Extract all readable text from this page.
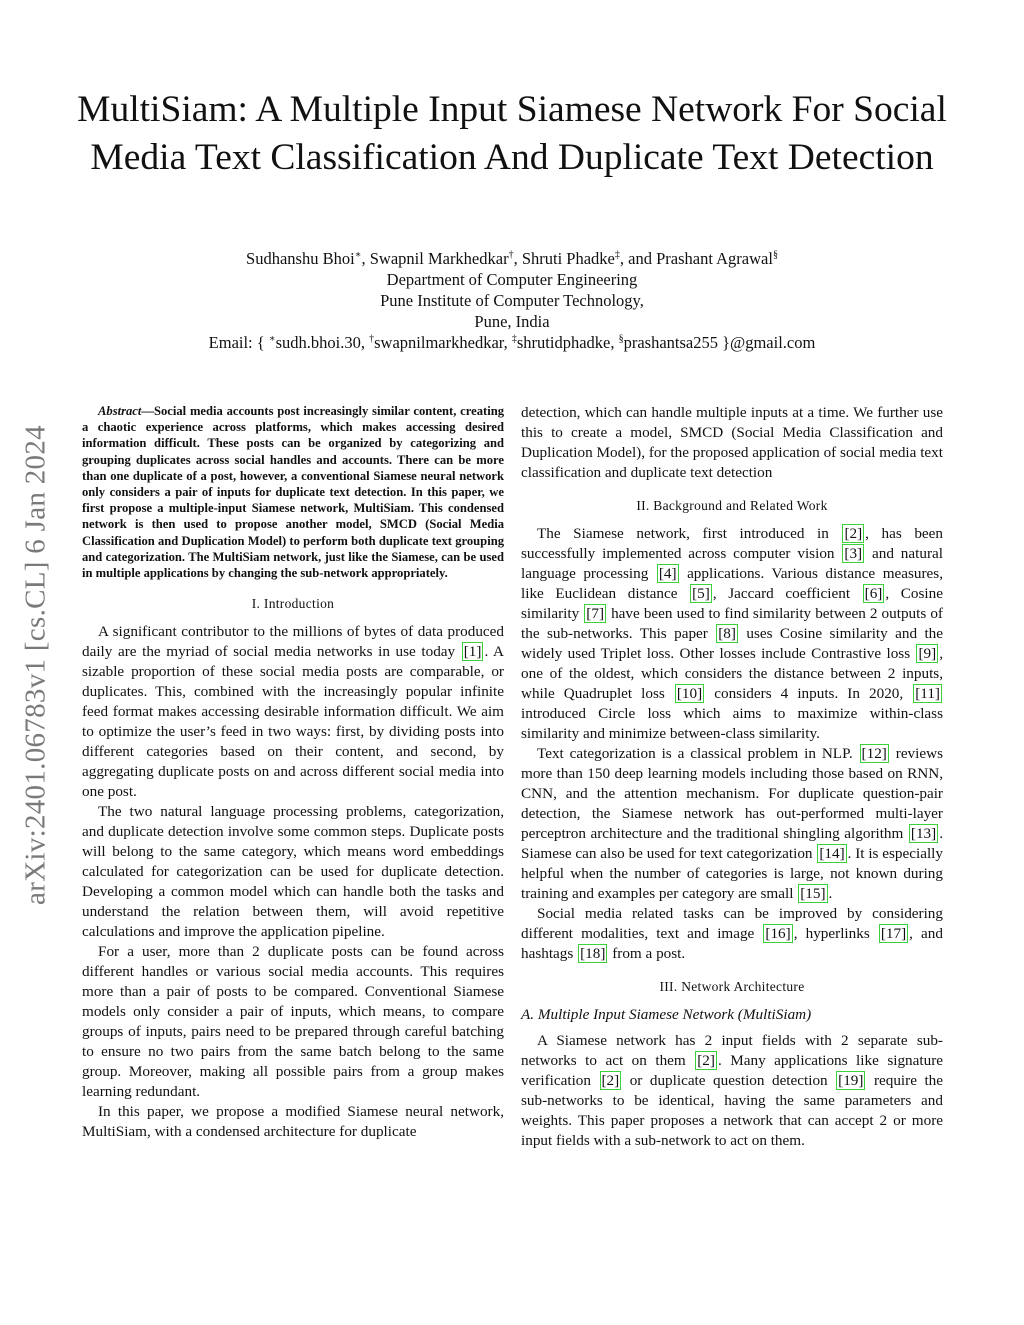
arXiv:2401.06783v1 [cs.CL] 6 Jan 2024
MultiSiam: A Multiple Input Siamese Network For Social Media Text Classification And Duplicate Text Detection
Sudhanshu Bhoi∗, Swapnil Markhedkar†, Shruti Phadke‡, and Prashant Agrawal§
Department of Computer Engineering
Pune Institute of Computer Technology,
Pune, India
Email: { ∗sudh.bhoi.30, †swapnilmarkhedkar, ‡shrutidphadke, §prashantsa255 }@gmail.com

Abstract—Social media accounts post increasingly similar content, creating a chaotic experience across platforms, which makes accessing desired information difficult. These posts can be organized by categorizing and grouping duplicates across social handles and accounts. There can be more than one duplicate of a post, however, a conventional Siamese neural network only considers a pair of inputs for duplicate text detection. In this paper, we first propose a multiple-input Siamese network, MultiSiam. This condensed network is then used to propose another model, SMCD (Social Media Classification and Duplication Model) to perform both duplicate text grouping and categorization. The MultiSiam network, just like the Siamese, can be used in multiple applications by changing the sub-network appropriately.

I. Introduction

A significant contributor to the millions of bytes of data produced daily are the myriad of social media networks in use today [1] . A sizable proportion of these social media posts are comparable, or duplicates. This, combined with the increasingly popular infinite feed format makes accessing desirable information difficult. We aim to optimize the user’s feed in two ways: first, by dividing posts into different categories based on their content, and second, by aggregating duplicate posts on and across different social media into one post.

The two natural language processing problems, categorization, and duplicate detection involve some common steps. Duplicate posts will belong to the same category, which means word embeddings calculated for categorization can be used for duplicate detection. Developing a common model which can handle both the tasks and understand the relation between them, will avoid repetitive calculations and improve the application pipeline.

For a user, more than 2 duplicate posts can be found across different handles or various social media accounts. This requires more than a pair of posts to be compared. Conventional Siamese models only consider a pair of inputs, which means, to compare groups of inputs, pairs need to be prepared through careful batching to ensure no two pairs from the same batch belong to the same group. Moreover, making all possible pairs from a group makes learning redundant.

In this paper, we propose a modified Siamese neural network, MultiSiam, with a condensed architecture for duplicate

detection, which can handle multiple inputs at a time. We further use this to create a model, SMCD (Social Media Classification and Duplication Model), for the proposed application of social media text classification and duplicate text detection

II. Background and Related Work

The Siamese network, first introduced in [2] , has been successfully implemented across computer vision [3] and natural language processing [4] applications. Various distance measures, like Euclidean distance [5] , Jaccard coefficient [6] , Cosine similarity [7] have been used to find similarity between 2 outputs of the sub-networks. This paper [8] uses Cosine similarity and the widely used Triplet loss. Other losses include Contrastive loss [9] , one of the oldest, which considers the distance between 2 inputs, while Quadruplet loss [10] considers 4 inputs. In 2020, [11] introduced Circle loss which aims to maximize within-class similarity and minimize between-class similarity.

Text categorization is a classical problem in NLP. [12] reviews more than 150 deep learning models including those based on RNN, CNN, and the attention mechanism. For duplicate question-pair detection, the Siamese network has out-performed multi-layer perceptron architecture and the traditional shingling algorithm [13] . Siamese can also be used for text categorization [14] . It is especially helpful when the number of categories is large, not known during training and examples per category are small [15] .

Social media related tasks can be improved by considering different modalities, text and image [16] , hyperlinks [17] , and hashtags [18] from a post.

III. Network Architecture
A. Multiple Input Siamese Network (MultiSiam)

A Siamese network has 2 input fields with 2 separate sub-networks to act on them [2] . Many applications like signature verification [2] or duplicate question detection [19] require the sub-networks to be identical, having the same parameters and weights. This paper proposes a network that can accept 2 or more input fields with a sub-network to act on them.
